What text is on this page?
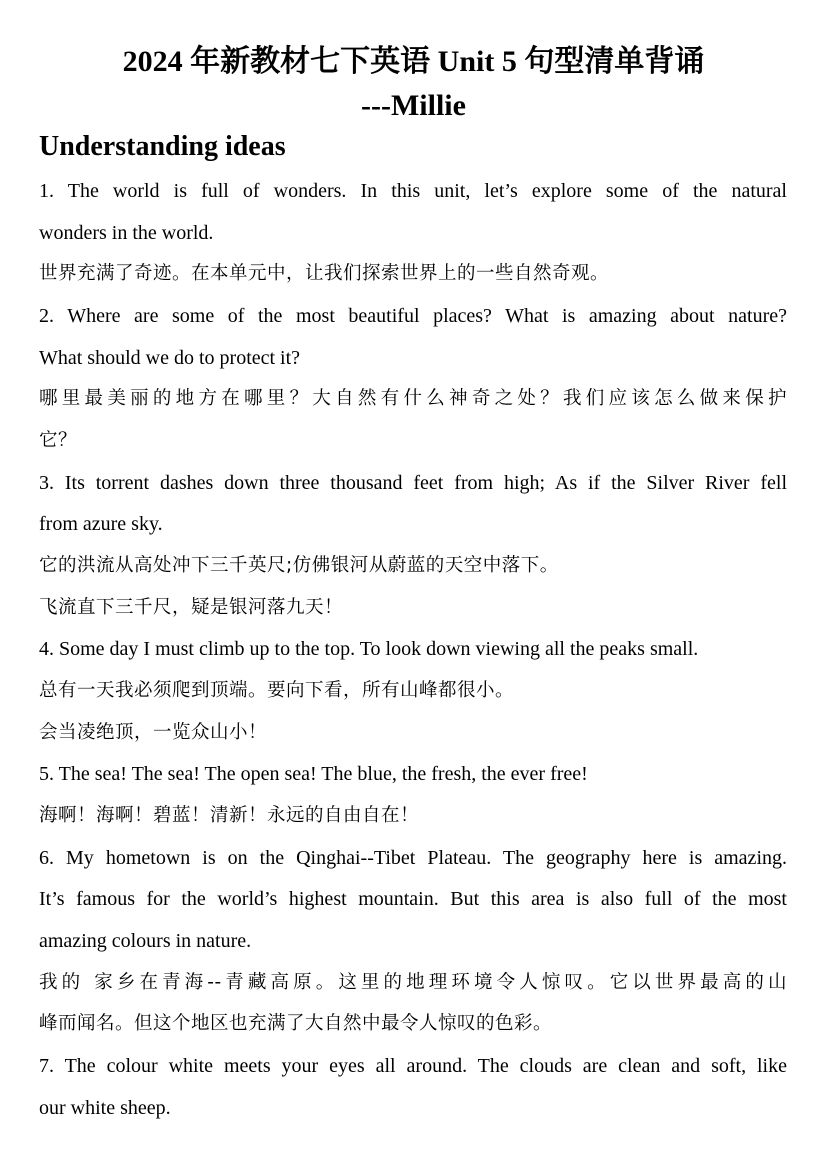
2024 年新教材七下英语 Unit 5 句型清单背诵
---Millie
Understanding ideas
1. The world is full of wonders. In this unit, let’s explore some of the natural
wonders in the world.
世界充满了奇迹。在本单元中，让我们探索世界上的一些自然奇观。
2. Where are some of the most beautiful places? What is amazing about nature?
What should we do to protect it?
哪里最美丽的地方在哪里？大自然有什么神奇之处？我们应该怎么做来保护
它？
3. Its torrent dashes down three thousand feet from high; As if the Silver River fell
from azure sky.
它的洪流从高处冲下三千英尺;仿佛银河从蔚蓝的天空中落下。
飞流直下三千尺，疑是银河落九天！
4. Some day I must climb up to the top. To look down viewing all the peaks small.
总有一天我必须爬到顶端。要向下看，所有山峰都很小。
会当凌绝顶，一览众山小！
5. The sea! The sea! The open sea! The blue, the fresh, the ever free!
海啊！海啊！碧蓝！清新！永远的自由自在！
6. My hometown is on the Qinghai--Tibet Plateau. The geography here is amazing.
It’s famous for the world’s highest mountain. But this area is also full of the most
amazing colours in nature.
我的 家乡在青海--青藏高原。这里的地理环境令人惊叹。它以世界最高的山
峰而闻名。但这个地区也充满了大自然中最令人惊叹的色彩。
7. The colour white meets your eyes all around. The clouds are clean and soft, like
our white sheep.
